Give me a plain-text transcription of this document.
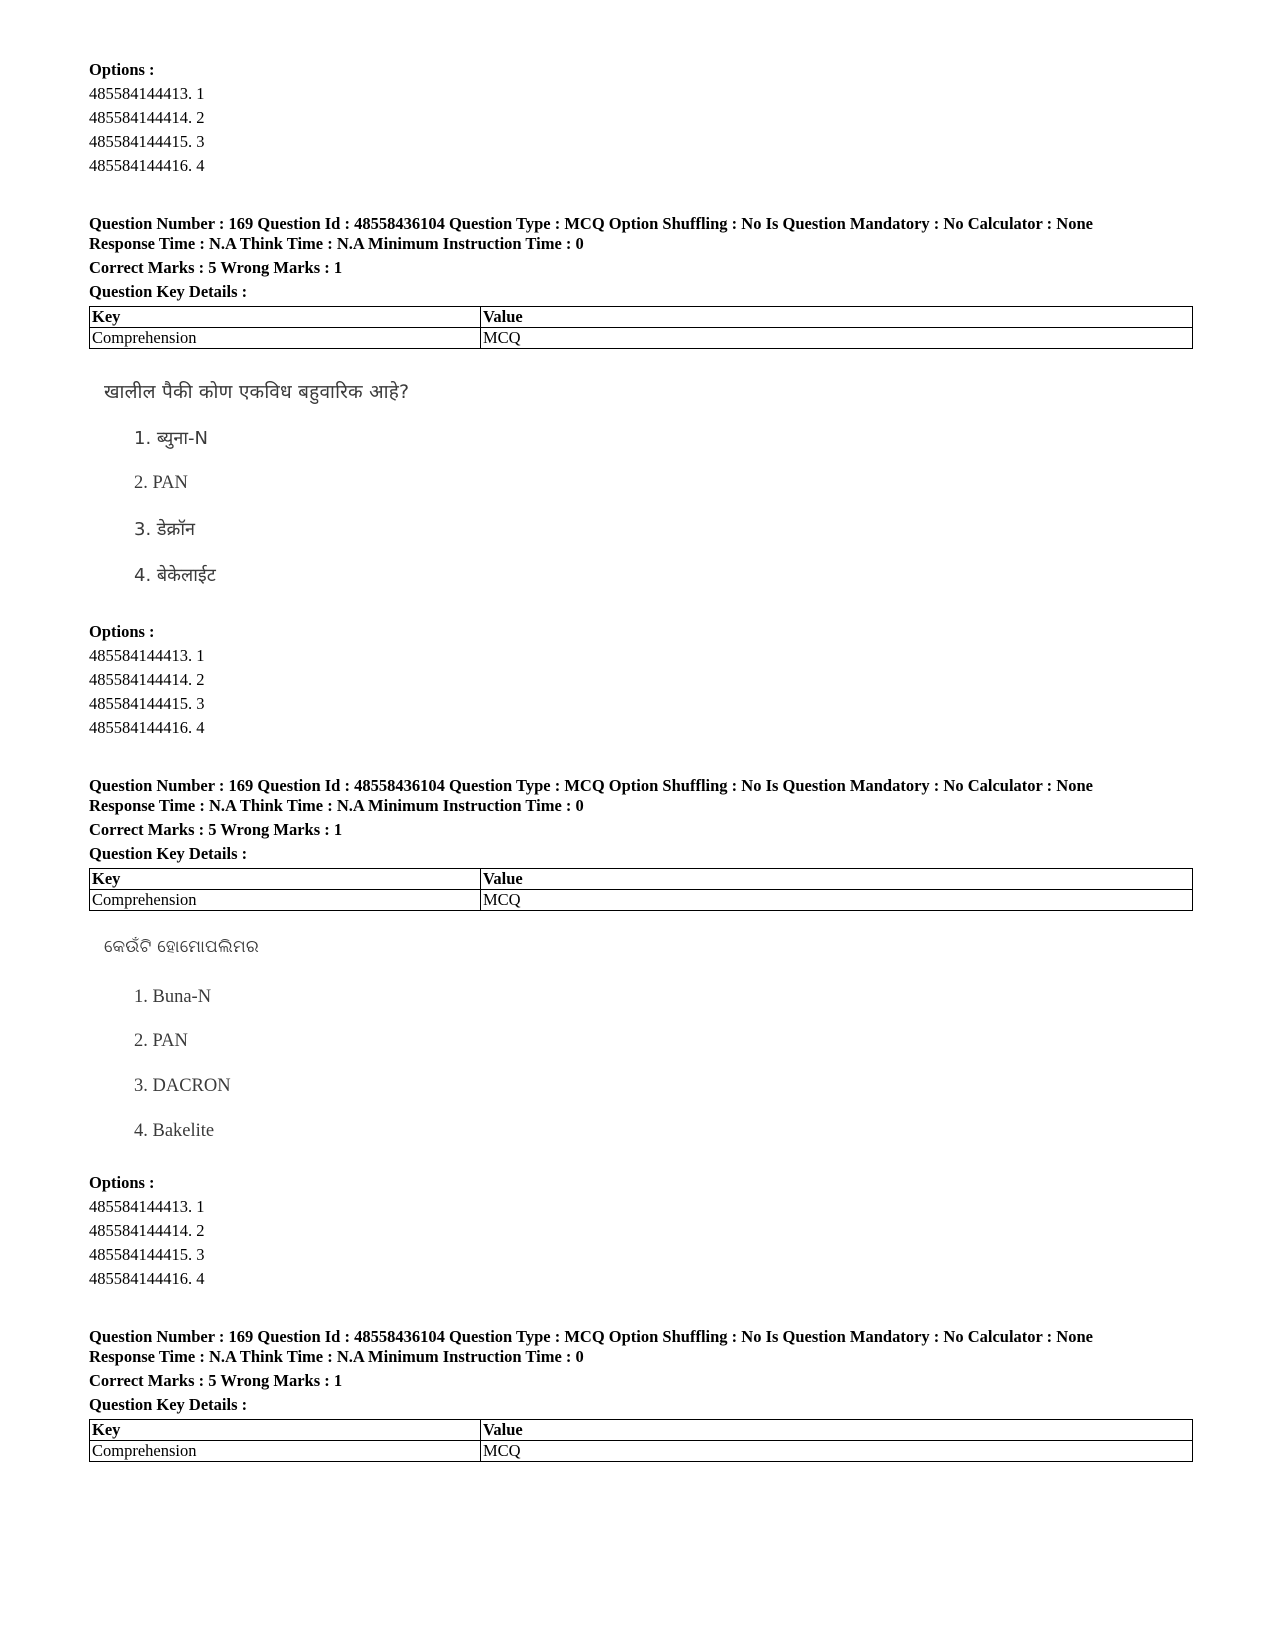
Options :
485584144413. 1
485584144414. 2
485584144415. 3
485584144416. 4
Question Number : 169 Question Id : 48558436104 Question Type : MCQ Option Shuffling : No Is Question Mandatory : No Calculator : None
Response Time : N.A Think Time : N.A Minimum Instruction Time : 0
Correct Marks : 5 Wrong Marks : 1
Question Key Details :
Key	Value
Comprehension	MCQ
खालील पैकी कोण एकविध बहुवारिक आहे?
1. ब्युना-N
2. PAN
3. डेक्रॉन
4. बेकेलाईट
Options :
485584144413. 1
485584144414. 2
485584144415. 3
485584144416. 4
Question Number : 169 Question Id : 48558436104 Question Type : MCQ Option Shuffling : No Is Question Mandatory : No Calculator : None
Response Time : N.A Think Time : N.A Minimum Instruction Time : 0
Correct Marks : 5 Wrong Marks : 1
Question Key Details :
Key	Value
Comprehension	MCQ
କେଉଁଟି ହୋମୋପଲିମର
1. Buna-N
2. PAN
3. DACRON
4. Bakelite
Options :
485584144413. 1
485584144414. 2
485584144415. 3
485584144416. 4
Question Number : 169 Question Id : 48558436104 Question Type : MCQ Option Shuffling : No Is Question Mandatory : No Calculator : None
Response Time : N.A Think Time : N.A Minimum Instruction Time : 0
Correct Marks : 5 Wrong Marks : 1
Question Key Details :
Key	Value
Comprehension	MCQ
